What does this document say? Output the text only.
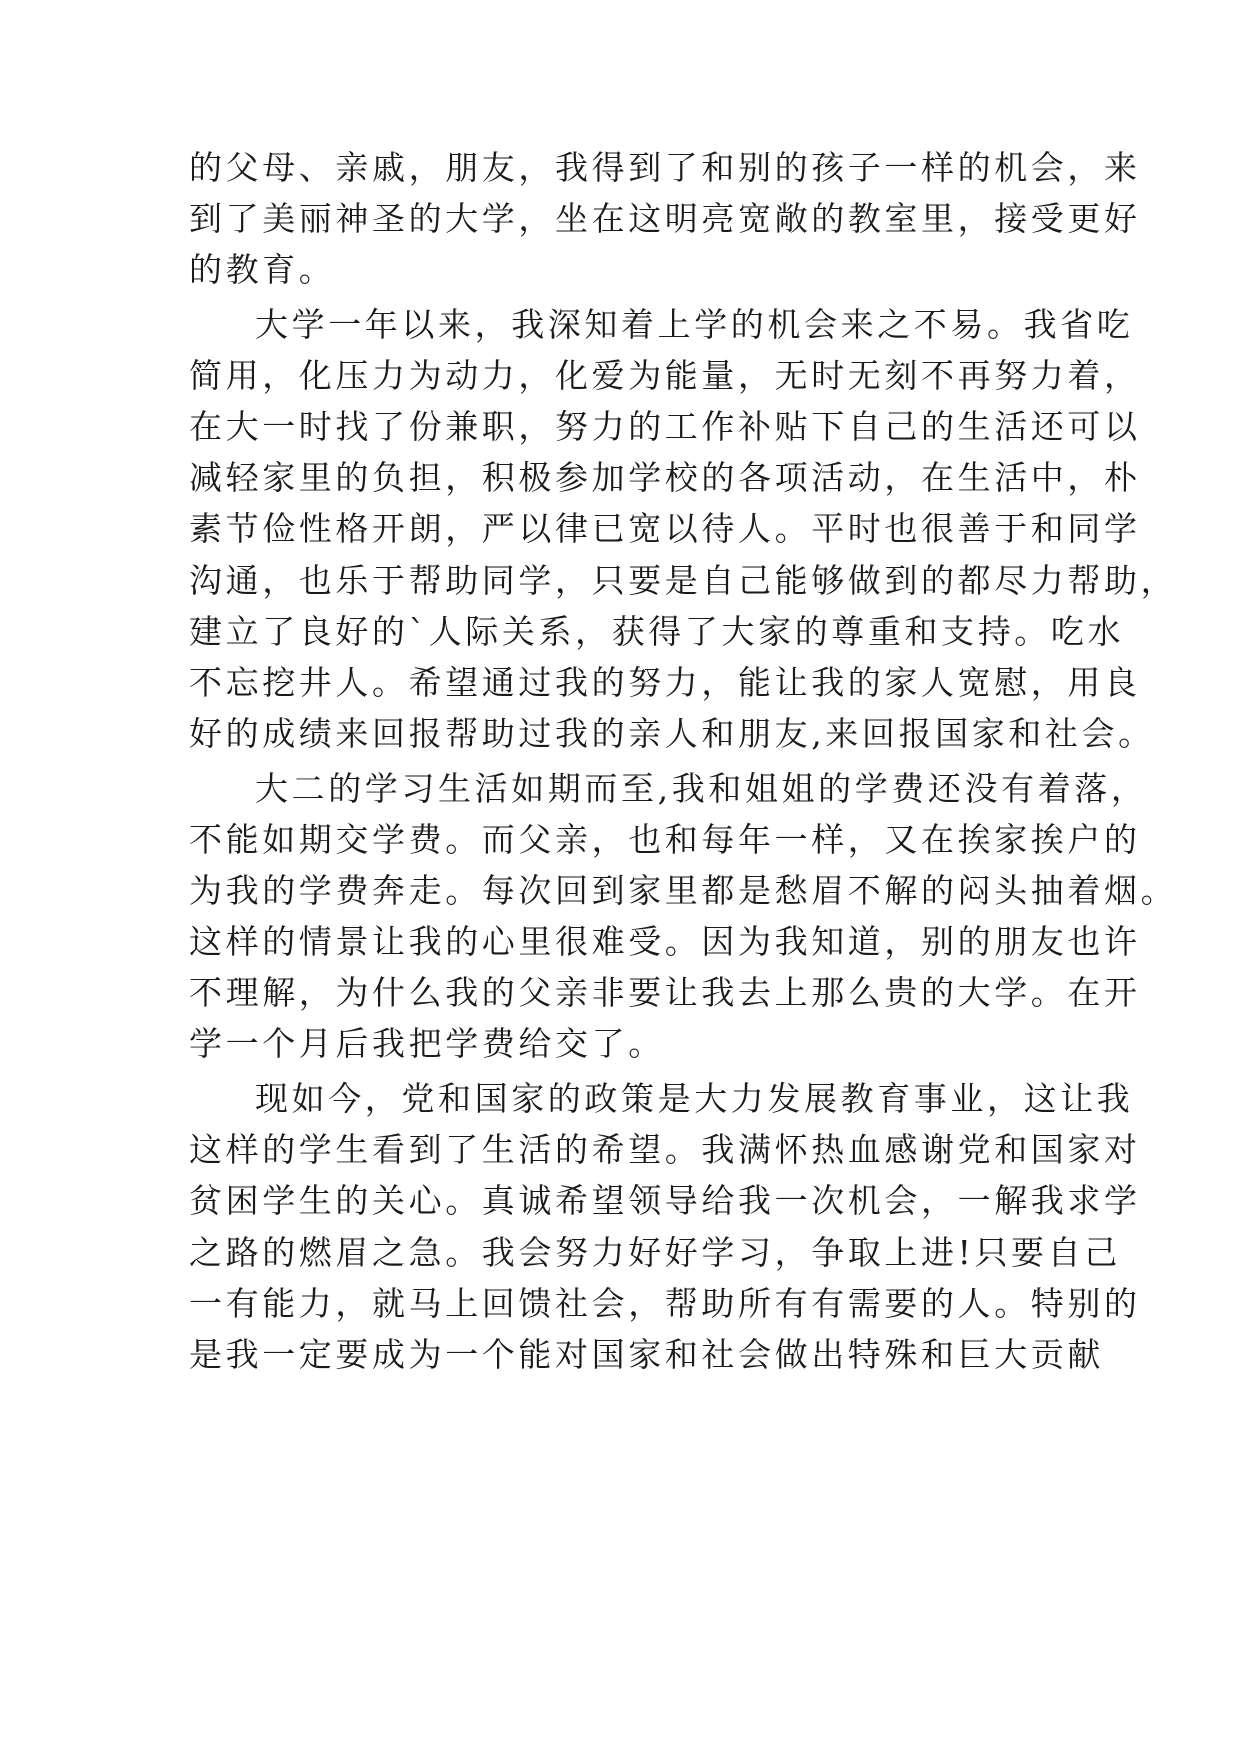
的父母、亲戚，朋友，我得到了和别的孩子一样的机会，来
到了美丽神圣的大学，坐在这明亮宽敞的教室里，接受更好
的教育。
大学一年以来，我深知着上学的机会来之不易。我省吃
简用，化压力为动力，化爱为能量，无时无刻不再努力着，
在大一时找了份兼职，努力的工作补贴下自己的生活还可以
减轻家里的负担，积极参加学校的各项活动，在生活中，朴
素节俭性格开朗，严以律已宽以待人。平时也很善于和同学
沟通，也乐于帮助同学，只要是自己能够做到的都尽力帮助，
建立了良好的`人际关系，获得了大家的尊重和支持。吃水
不忘挖井人。希望通过我的努力，能让我的家人宽慰，用良
好的成绩来回报帮助过我的亲人和朋友,来回报国家和社会。
大二的学习生活如期而至,我和姐姐的学费还没有着落，
不能如期交学费。而父亲，也和每年一样，又在挨家挨户的
为我的学费奔走。每次回到家里都是愁眉不解的闷头抽着烟。
这样的情景让我的心里很难受。因为我知道，别的朋友也许
不理解，为什么我的父亲非要让我去上那么贵的大学。在开
学一个月后我把学费给交了。
现如今，党和国家的政策是大力发展教育事业，这让我
这样的学生看到了生活的希望。我满怀热血感谢党和国家对
贫困学生的关心。真诚希望领导给我一次机会，一解我求学
之路的燃眉之急。我会努力好好学习，争取上进!只要自己
一有能力，就马上回馈社会，帮助所有有需要的人。特别的
是我一定要成为一个能对国家和社会做出特殊和巨大贡献
